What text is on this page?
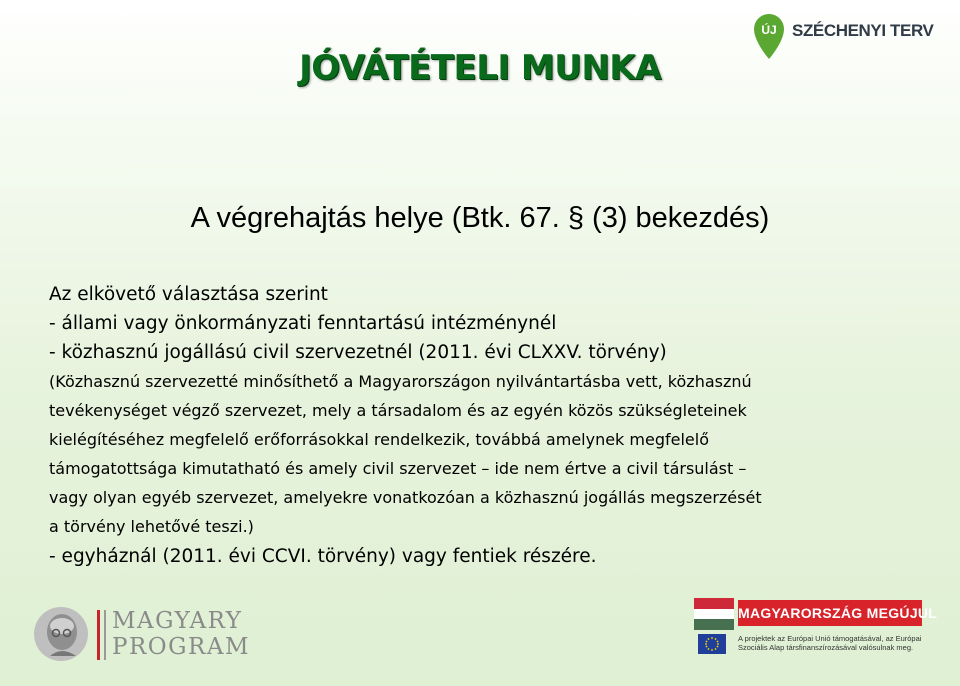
JÓVÁTÉTELI MUNKA
A végrehajtás helye (Btk. 67. § (3) bekezdés)
Az elkövető választása szerint
- állami vagy önkormányzati fenntartású intézménynél
- közhasznú jogállású civil szervezetnél (2011. évi CLXXV. törvény)
(Közhasznú szervezetté minősíthető a Magyarországon nyilvántartásba vett, közhasznú
tevékenységet végző szervezet, mely a társadalom és az egyén közös szükségleteinek
kielégítéséhez megfelelő erőforrásokkal rendelkezik, továbbá amelynek megfelelő
támogatottsága kimutatható és amely civil szervezet – ide nem értve a civil társulást –
vagy olyan egyéb szervezet, amelyekre vonatkozóan a közhasznú jogállás megszerzését
a törvény lehetővé teszi.)
- egyháznál (2011. évi CCVI. törvény) vagy fentiek részére.
ÚJ SZÉCHENYI TERV
MAGYARY
PROGRAM
MAGYARORSZÁG MEGÚJUL
A projektek az Európai Unió támogatásával, az Európai Szociális Alap társfinanszírozásával valósulnak meg.
